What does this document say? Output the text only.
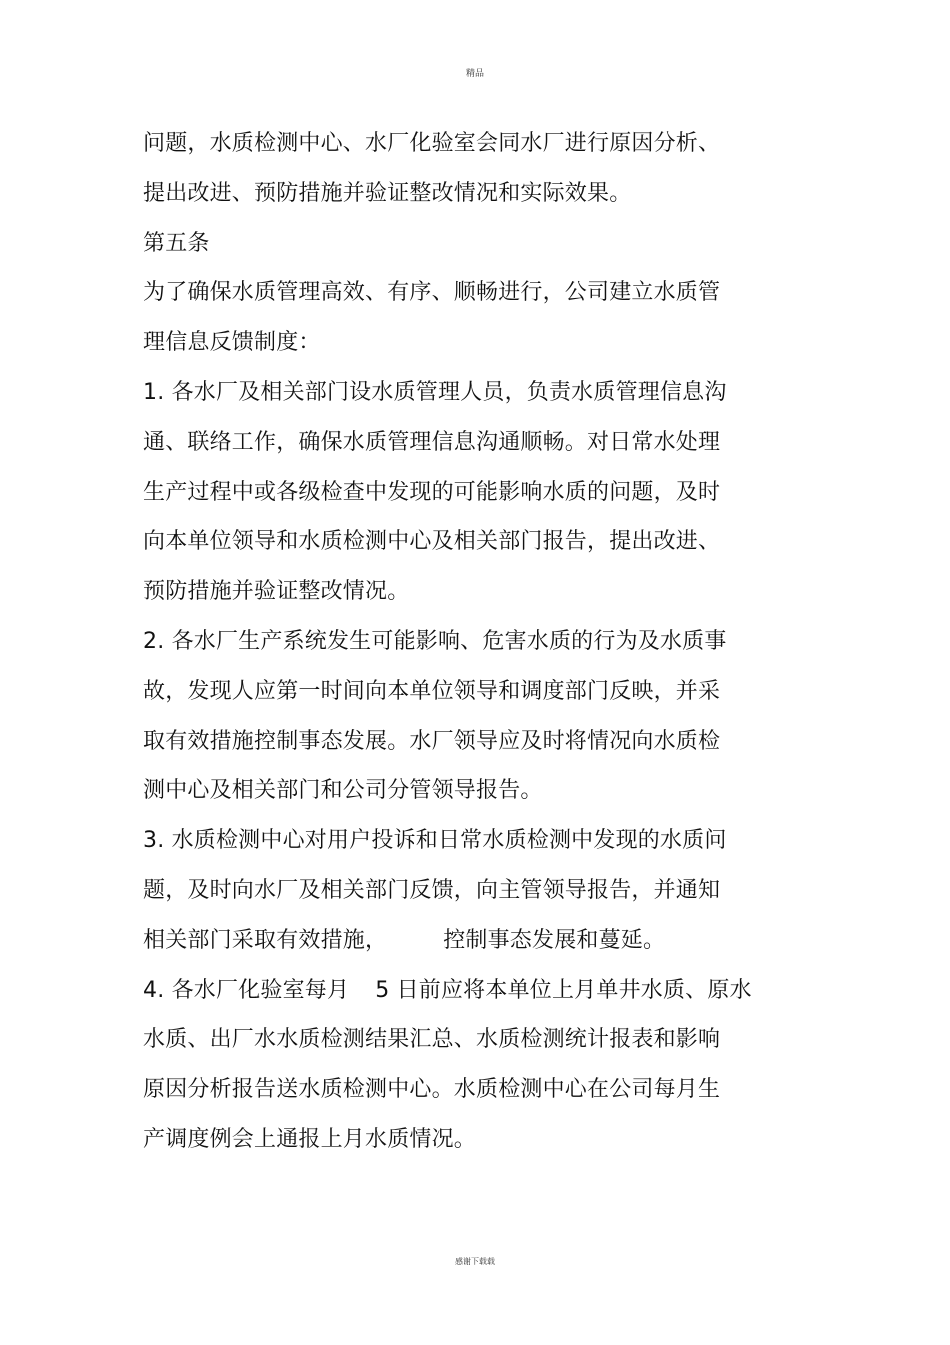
精品
问题，水质检测中心、水厂化验室会同水厂进行原因分析、
提出改进、预防措施并验证整改情况和实际效果。
第五条
为了确保水质管理高效、有序、顺畅进行，公司建立水质管
理信息反馈制度：
1. 各水厂及相关部门设水质管理人员，负责水质管理信息沟
通、联络工作，确保水质管理信息沟通顺畅。对日常水处理
生产过程中或各级检查中发现的可能影响水质的问题，及时
向本单位领导和水质检测中心及相关部门报告，提出改进、
预防措施并验证整改情况。
2. 各水厂生产系统发生可能影响、危害水质的行为及水质事
故，发现人应第一时间向本单位领导和调度部门反映，并采
取有效措施控制事态发展。水厂领导应及时将情况向水质检
测中心及相关部门和公司分管领导报告。
3. 水质检测中心对用户投诉和日常水质检测中发现的水质问
题，及时向水厂及相关部门反馈，向主管领导报告，并通知
相关部门采取有效措施，	控制事态发展和蔓延。
4. 各水厂化验室每月 5 日前应将本单位上月单井水质、原水
水质、出厂水水质检测结果汇总、水质检测统计报表和影响
原因分析报告送水质检测中心。水质检测中心在公司每月生
产调度例会上通报上月水质情况。
感谢下载载
